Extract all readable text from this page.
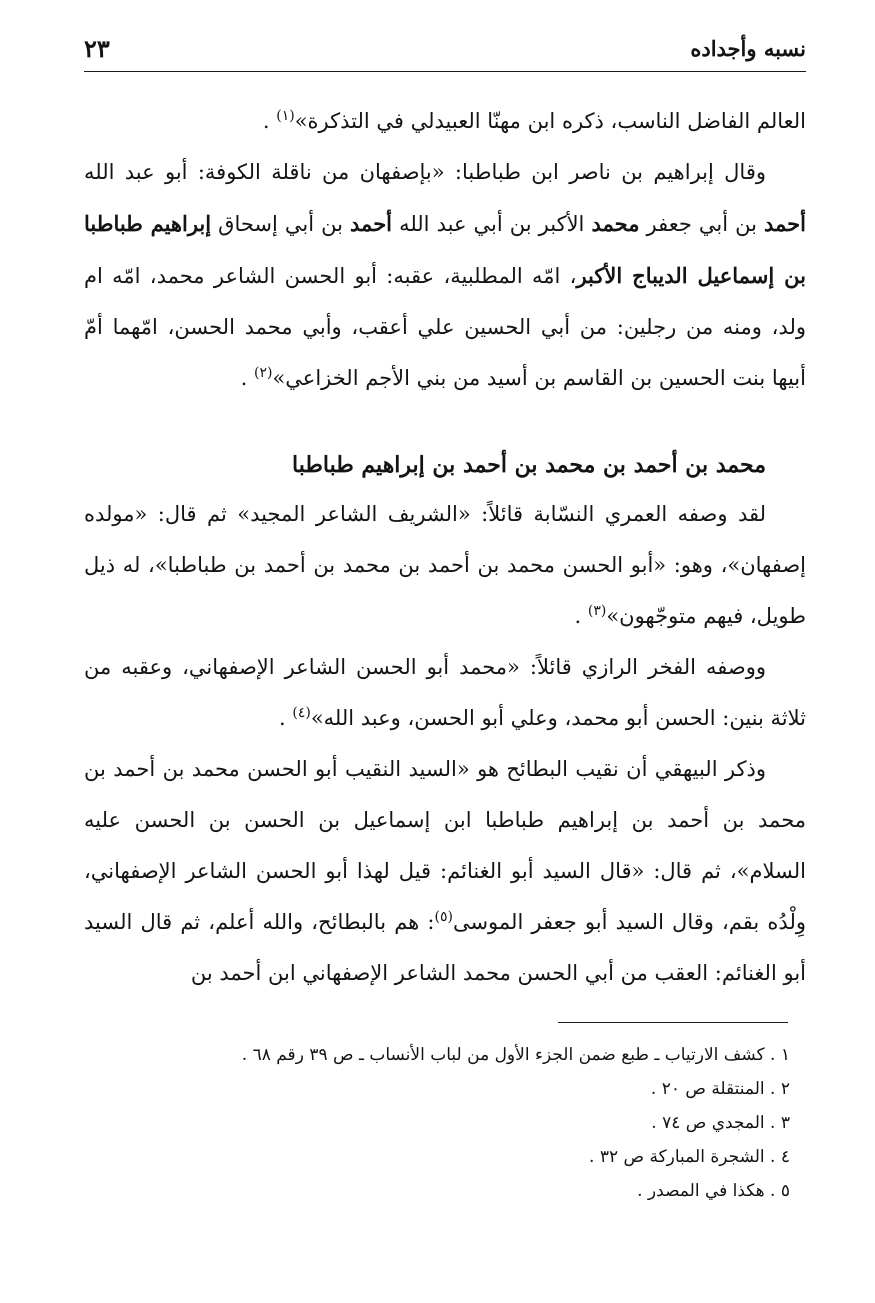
نسبه وأجداده
٢٣

العالم الفاضل الناسب، ذكره ابن مهنّا العبيدلي في التذكرة»$^{(١)}$ .

وقال إبراهيم بن ناصر ابن طباطبا: «بإصفهان من ناقلة الكوفة: أبو عبد الله أحمد بن أبي جعفر محمد الأكبر بن أبي عبد الله أحمد بن أبي إسحاق إبراهيم طباطبا بن إسماعيل الديباج الأكبر، امّه المطلبية، عقبه: أبو الحسن الشاعر محمد، امّه ام ولد، ومنه من رجلين: من أبي الحسين علي أعقب، وأبي محمد الحسن، امّهما أمّ أبيها بنت الحسين بن القاسم بن أسيد من بني الأجم الخزاعي»$^{(٢)}$ .

محمد بن أحمد بن محمد بن أحمد بن إبراهيم طباطبا

لقد وصفه العمري النسّابة قائلاً: «الشريف الشاعر المجيد» ثم قال: «مولده إصفهان»، وهو: «أبو الحسن محمد بن أحمد بن محمد بن أحمد بن طباطبا»، له ذيل طويل، فيهم متوجّهون»$^{(٣)}$ .

ووصفه الفخر الرازي قائلاً: «محمد أبو الحسن الشاعر الإصفهاني، وعقبه من ثلاثة بنين: الحسن أبو محمد، وعلي أبو الحسن، وعبد الله»$^{(٤)}$ .

وذكر البيهقي أن نقيب البطائح هو «السيد النقيب أبو الحسن محمد بن أحمد بن محمد بن أحمد بن إبراهيم طباطبا ابن إسماعيل بن الحسن بن الحسن عليه السلام»، ثم قال: «قال السيد أبو الغنائم: قيل لهذا أبو الحسن الشاعر الإصفهاني، وِلْدُه بقم، وقال السيد أبو جعفر الموسى$^{(٥)}$: هم بالبطائح، والله أعلم، ثم قال السيد أبو الغنائم: العقب من أبي الحسن محمد الشاعر الإصفهاني ابن أحمد بن

١ . كشف الارتياب ـ طبع ضمن الجزء الأول من لباب الأنساب ـ ص ٣٩ رقم ٦٨ .
٢ . المنتقلة ص ٢٠ .
٣ . المجدي ص ٧٤ .
٤ . الشجرة المباركة ص ٣٢ .
٥ . هكذا في المصدر .
